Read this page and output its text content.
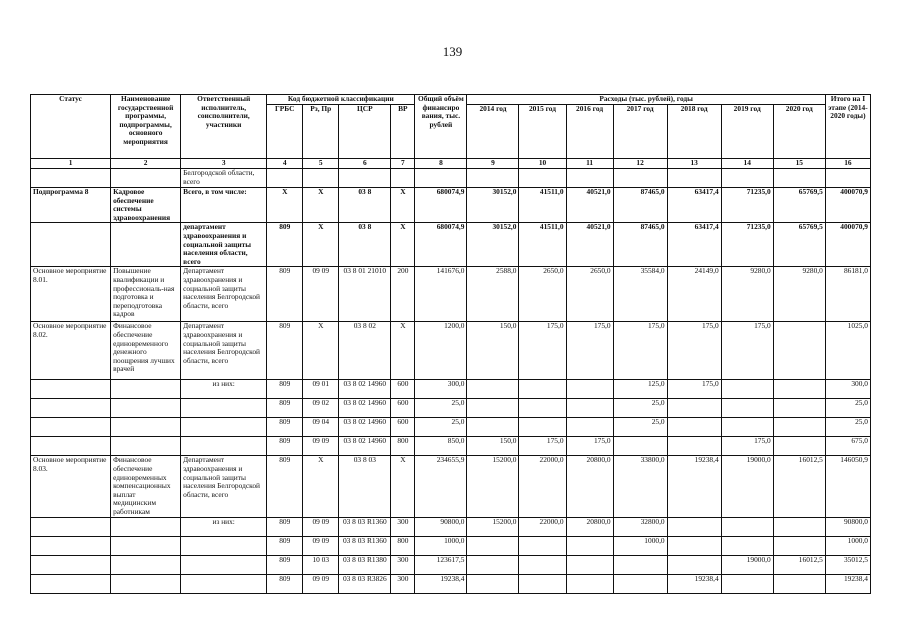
139
Статус	Наименование государственной программы, подпрограммы, основного мероприятия	Ответственный исполнитель, соисполнители, участники	Код бюджетной классификации				Общий объём финансиро вания, тыс. рублей	Расходы (тыс. рублей), годы							Итого на I этапе (2014-2020 годы)
			ГРБС	Рз, Пр	ЦСР	ВР		2014 год	2015 год	2016 год	2017 год	2018 год	2019 год	2020 год	
1	2	3	4	5	6	7	8	9	10	11	12	13	14	15	16
		Белгородской области, всего													
Подпрограмма 8	Кадровое обеспечение системы здравоохранения	Всего, в том числе:	Х	Х	03 8	Х	680074,9	30152,0	41511,0	40521,0	87465,0	63417,4	71235,0	65769,5	400070,9
		департамент здравоохранения и социальной защиты населения области, всего	809	Х	03 8	Х	680074,9	30152,0	41511,0	40521,0	87465,0	63417,4	71235,0	65769,5	400070,9
Основное мероприятие 8.01.	Повышение квалификации и профессиональ-ная подготовка и переподготовка кадров	Департамент здравоохранения и социальной защиты населения Белгородской области, всего	809	09 09	03 8 01 21010	200	141676,0	2588,0	2650,0	2650,0	35584,0	24149,0	9280,0	9280,0	86181,0
Основное мероприятие 8.02.	Финансовое обеспечение единовременного денежного поощрения лучших врачей	Департамент здравоохранения и социальной защиты населения Белгородской области, всего	809	Х	03 8 02	Х	1200,0	150,0	175,0	175,0	175,0	175,0	175,0		1025,0
		из них:	809	09 01	03 8 02 14960	600	300,0				125,0	175,0			300,0
			809	09 02	03 8 02 14960	600	25,0				25,0				25,0
			809	09 04	03 8 02 14960	600	25,0				25,0				25,0
			809	09 09	03 8 02 14960	800	850,0	150,0	175,0	175,0			175,0		675,0
Основное мероприятие 8.03.	Финансовое обеспечение единовременных компенсационных выплат медицинским работникам	Департамент здравоохранения и социальной защиты населения Белгородской области, всего	809	Х	03 8 03	Х	234655,9	15200,0	22000,0	20800,0	33800,0	19238,4	19000,0	16012,5	146050,9
		из них:	809	09 09	03 8 03 R1360	300	90800,0	15200,0	22000,0	20800,0	32800,0				90800,0
			809	09 09	03 8 03 R1360	800	1000,0				1000,0				1000,0
			809	10 03	03 8 03 R1380	300	123617,5						19000,0	16012,5	35012,5
			809	09 09	03 8 03 R3826	300	19238,4					19238,4			19238,4
